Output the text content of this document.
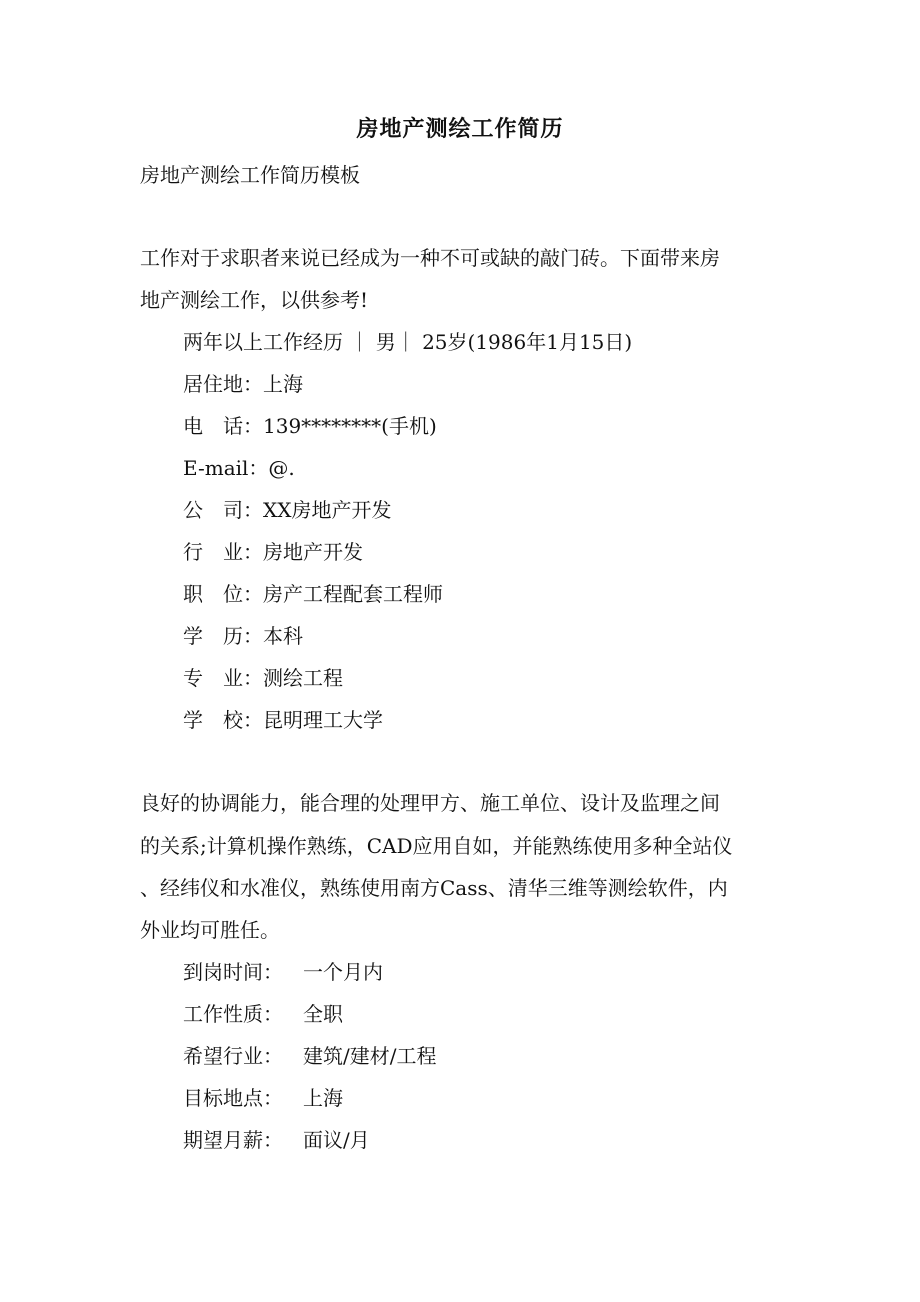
房地产测绘工作简历
房地产测绘工作简历模板
工作对于求职者来说已经成为一种不可或缺的敲门砖。下面带来房
地产测绘工作，以供参考!
两年以上工作经历 ｜ 男｜ 25岁(1986年1月15日)
居住地：上海
电　话：139********(手机)
E-mail：@.
公　司：XX房地产开发
行　业：房地产开发
职　位：房产工程配套工程师
学　历：本科
专　业：测绘工程
学　校：昆明理工大学
良好的协调能力，能合理的处理甲方、施工单位、设计及监理之间
的关系;计算机操作熟练，CAD应用自如，并能熟练使用多种全站仪
、经纬仪和水准仪，熟练使用南方Cass、清华三维等测绘软件，内
外业均可胜任。
到岗时间： 一个月内
工作性质： 全职
希望行业： 建筑/建材/工程
目标地点： 上海
期望月薪： 面议/月
